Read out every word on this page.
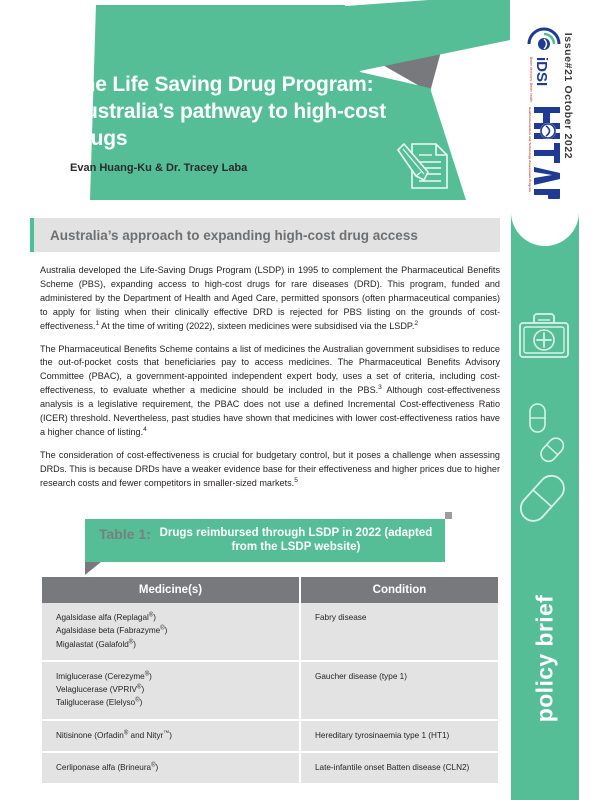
The Life Saving Drug Program: Australia’s pathway to high-cost drugs
Evan Huang-Ku & Dr. Tracey Laba
Issue#21 October 2022
Health Intervention and Technology Assessment Program
iDSI
Better decisions. Better health.
Australia’s approach to expanding high-cost drug access

Australia developed the Life-Saving Drugs Program (LSDP) in 1995 to complement the Pharmaceutical Benefits Scheme (PBS), expanding access to high-cost drugs for rare diseases (DRD). This program, funded and administered by the Department of Health and Aged Care, permitted sponsors (often pharmaceutical companies) to apply for listing when their clinically effective DRD is rejected for PBS listing on the grounds of cost-effectiveness.$^1$ At the time of writing (2022), sixteen medicines were subsidised via the LSDP.$^2$

The Pharmaceutical Benefits Scheme contains a list of medicines the Australian government subsidises to reduce the out-of-pocket costs that beneficiaries pay to access medicines. The Pharmaceutical Benefits Advisory Committee (PBAC), a government-appointed independent expert body, uses a set of criteria, including cost-effectiveness, to evaluate whether a medicine should be included in the PBS.$^3$ Although cost-effectiveness analysis is a legislative requirement, the PBAC does not use a defined Incremental Cost-effectiveness Ratio (ICER) threshold. Nevertheless, past studies have shown that medicines with lower cost-effectiveness ratios have a higher chance of listing.$^4$

The consideration of cost-effectiveness is crucial for budgetary control, but it poses a challenge when assessing DRDs. This is because DRDs have a weaker evidence base for their effectiveness and higher prices due to higher research costs and fewer competitors in smaller-sized markets.$^5$

Table 1: Drugs reimbursed through LSDP in 2022 (adapted from the LSDP website)
Medicine(s)	Condition
Agalsidase alfa (Replagal®)
Agalsidase beta (Fabrazyme®)
Migalastat (Galafold®)	Fabry disease
Imiglucerase (Cerezyme®)
Velaglucerase (VPRIV®)
Taliglucerase (Elelyso®)	Gaucher disease (type 1)
Nitisinone (Orfadin® and Nityr™)	Hereditary tyrosinaemia type 1 (HT1)
Cerliponase alfa (Brineura®)	Late-infantile onset Batten disease (CLN2)
policy brief
